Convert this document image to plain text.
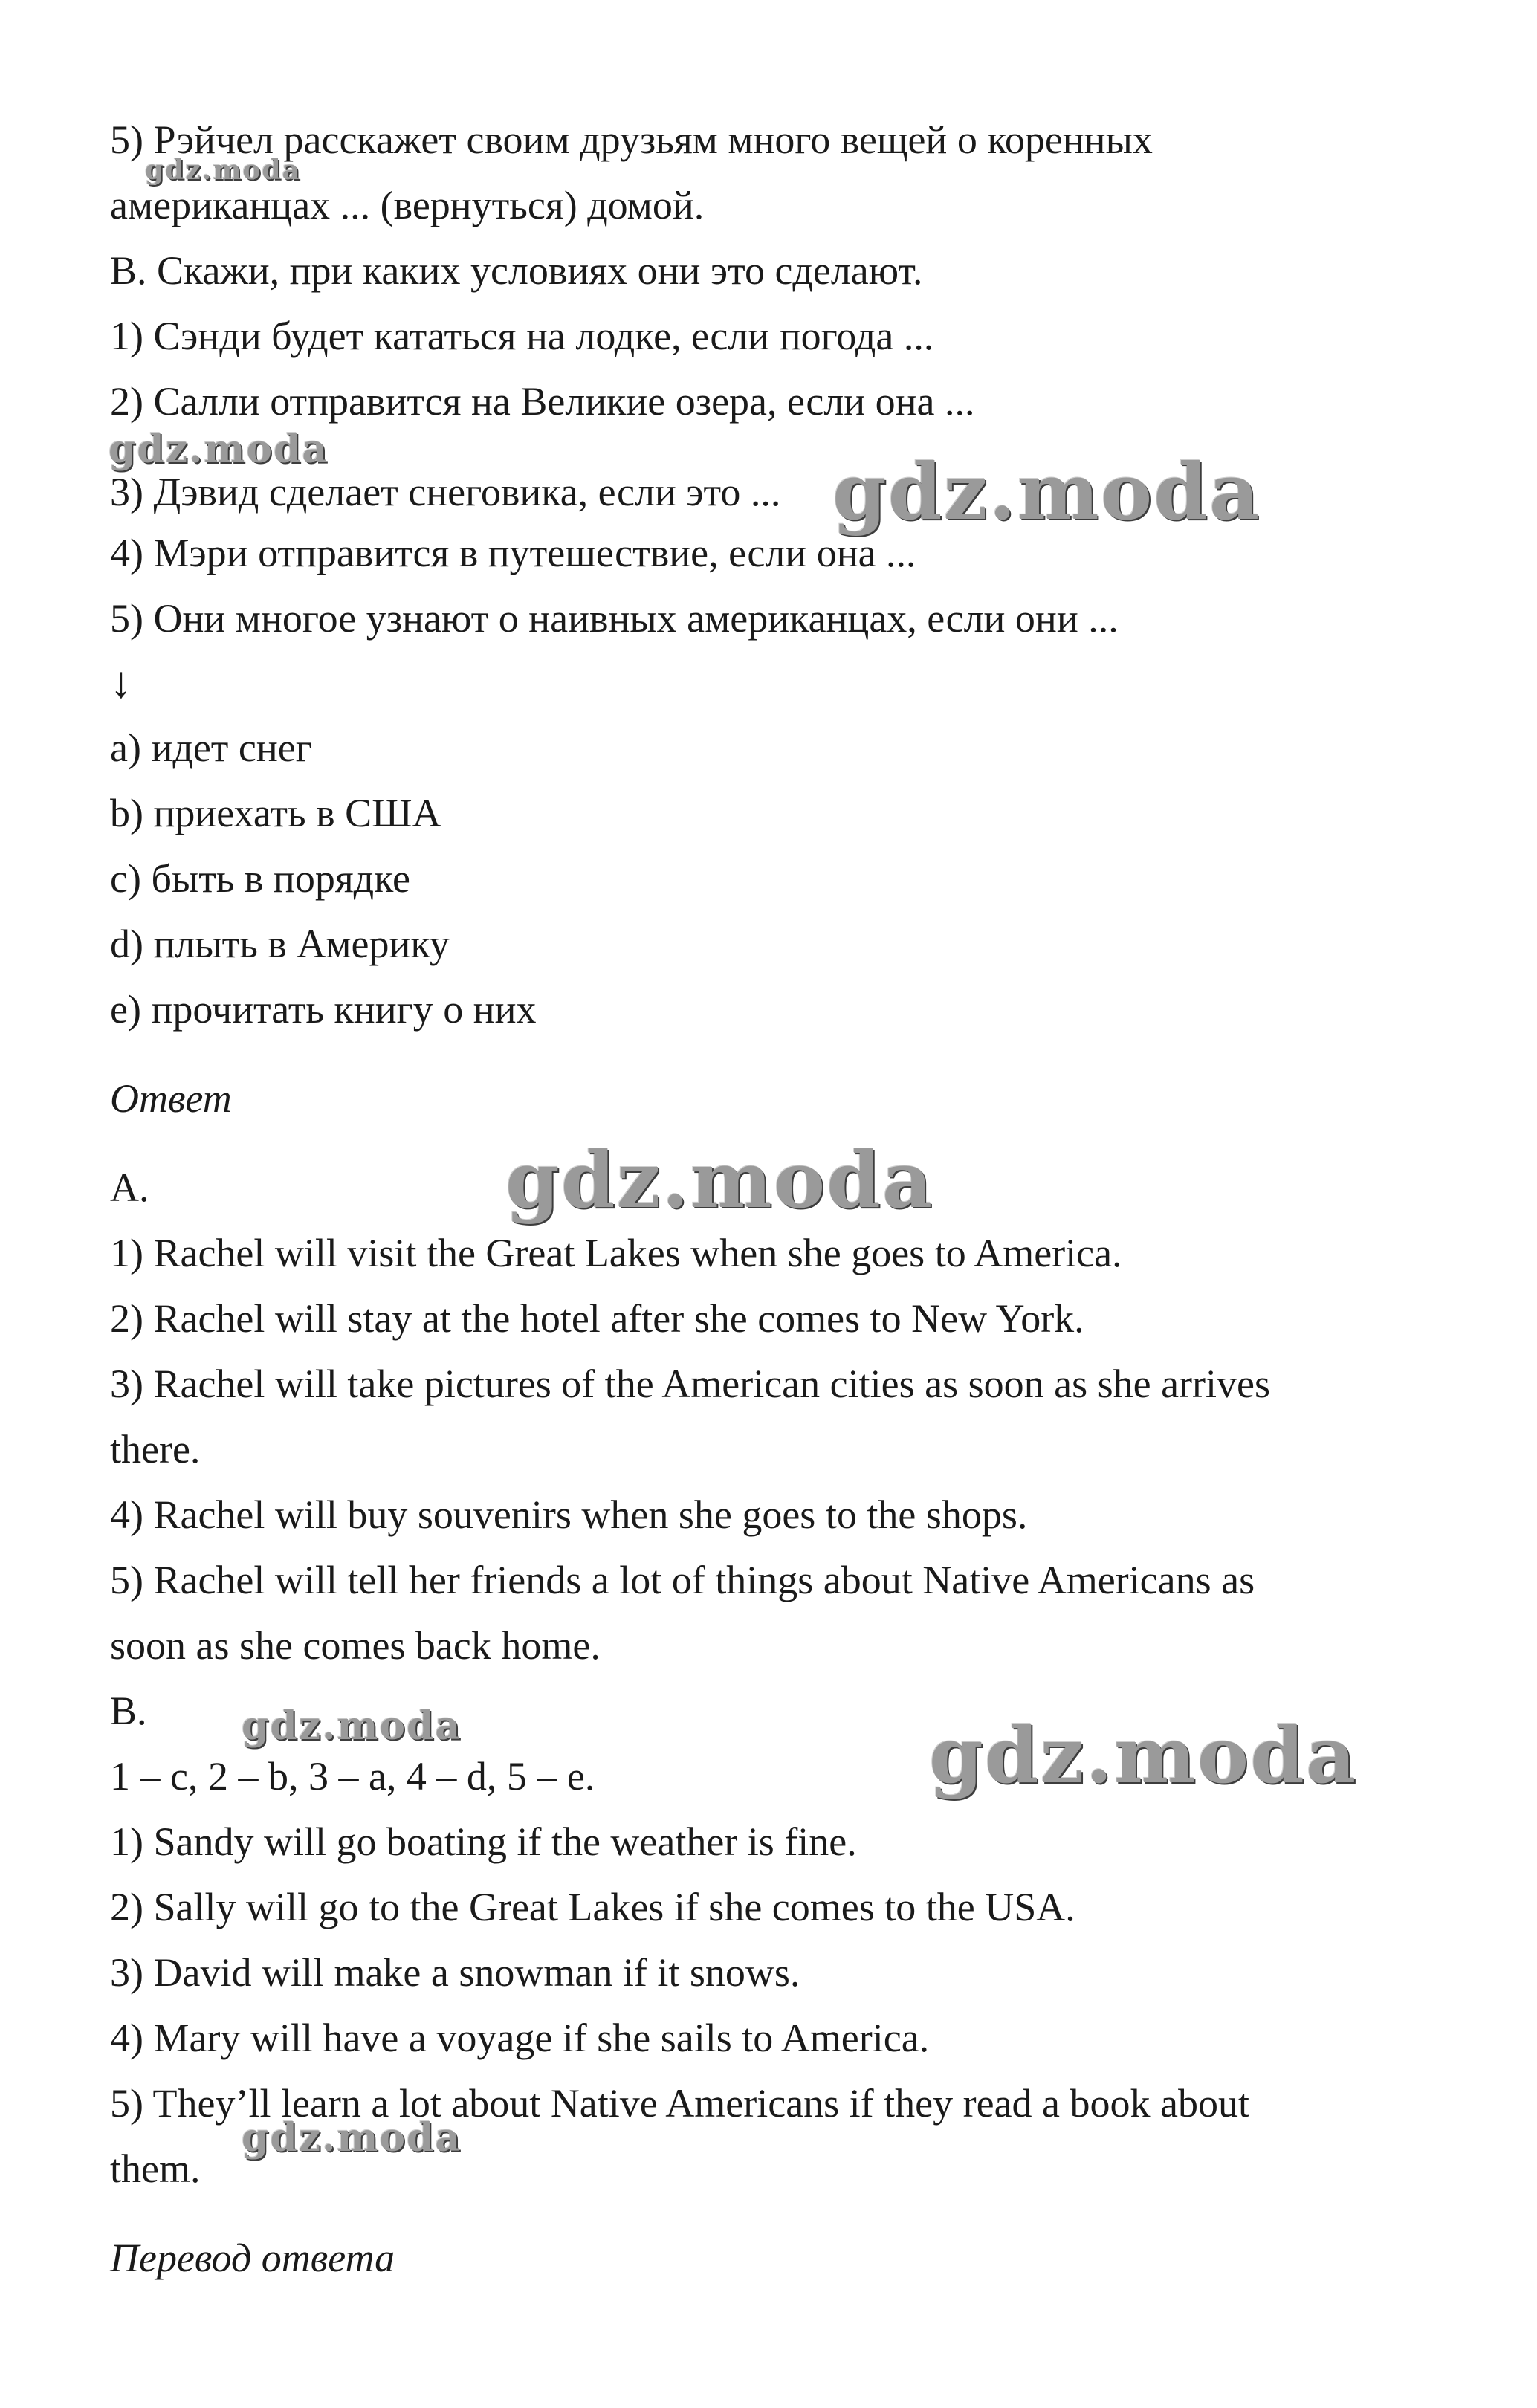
gdz.moda
gdz.moda	gdz.moda
gdz.moda
gdz.moda	gdz.moda
gdz.moda
5) Рэйчел расскажет своим друзьям много вещей о коренных
американцах ... (вернуться) домой.
B. Скажи, при каких условиях они это сделают.
1) Сэнди будет кататься на лодке, если погода ...
2) Салли отправится на Великие озера, если она ...
3) Дэвид сделает снеговика, если это ...
4) Мэри отправится в путешествие, если она ...
5) Они многое узнают о наивных американцах, если они ...
↓
a) идет снег
b) приехать в США
c) быть в порядке
d) плыть в Америку
e) прочитать книгу о них
Ответ
A.
1) Rachel will visit the Great Lakes when she goes to America.
2) Rachel will stay at the hotel after she comes to New York.
3) Rachel will take pictures of the American cities as soon as she arrives
there.
4) Rachel will buy souvenirs when she goes to the shops.
5) Rachel will tell her friends a lot of things about Native Americans as
soon as she comes back home.
B.
1 – c, 2 – b, 3 – a, 4 – d, 5 – e.
1) Sandy will go boating if the weather is fine.
2) Sally will go to the Great Lakes if she comes to the USA.
3) David will make a snowman if it snows.
4) Mary will have a voyage if she sails to America.
5) They’ll learn a lot about Native Americans if they read a book about
them.
Перевод ответа
